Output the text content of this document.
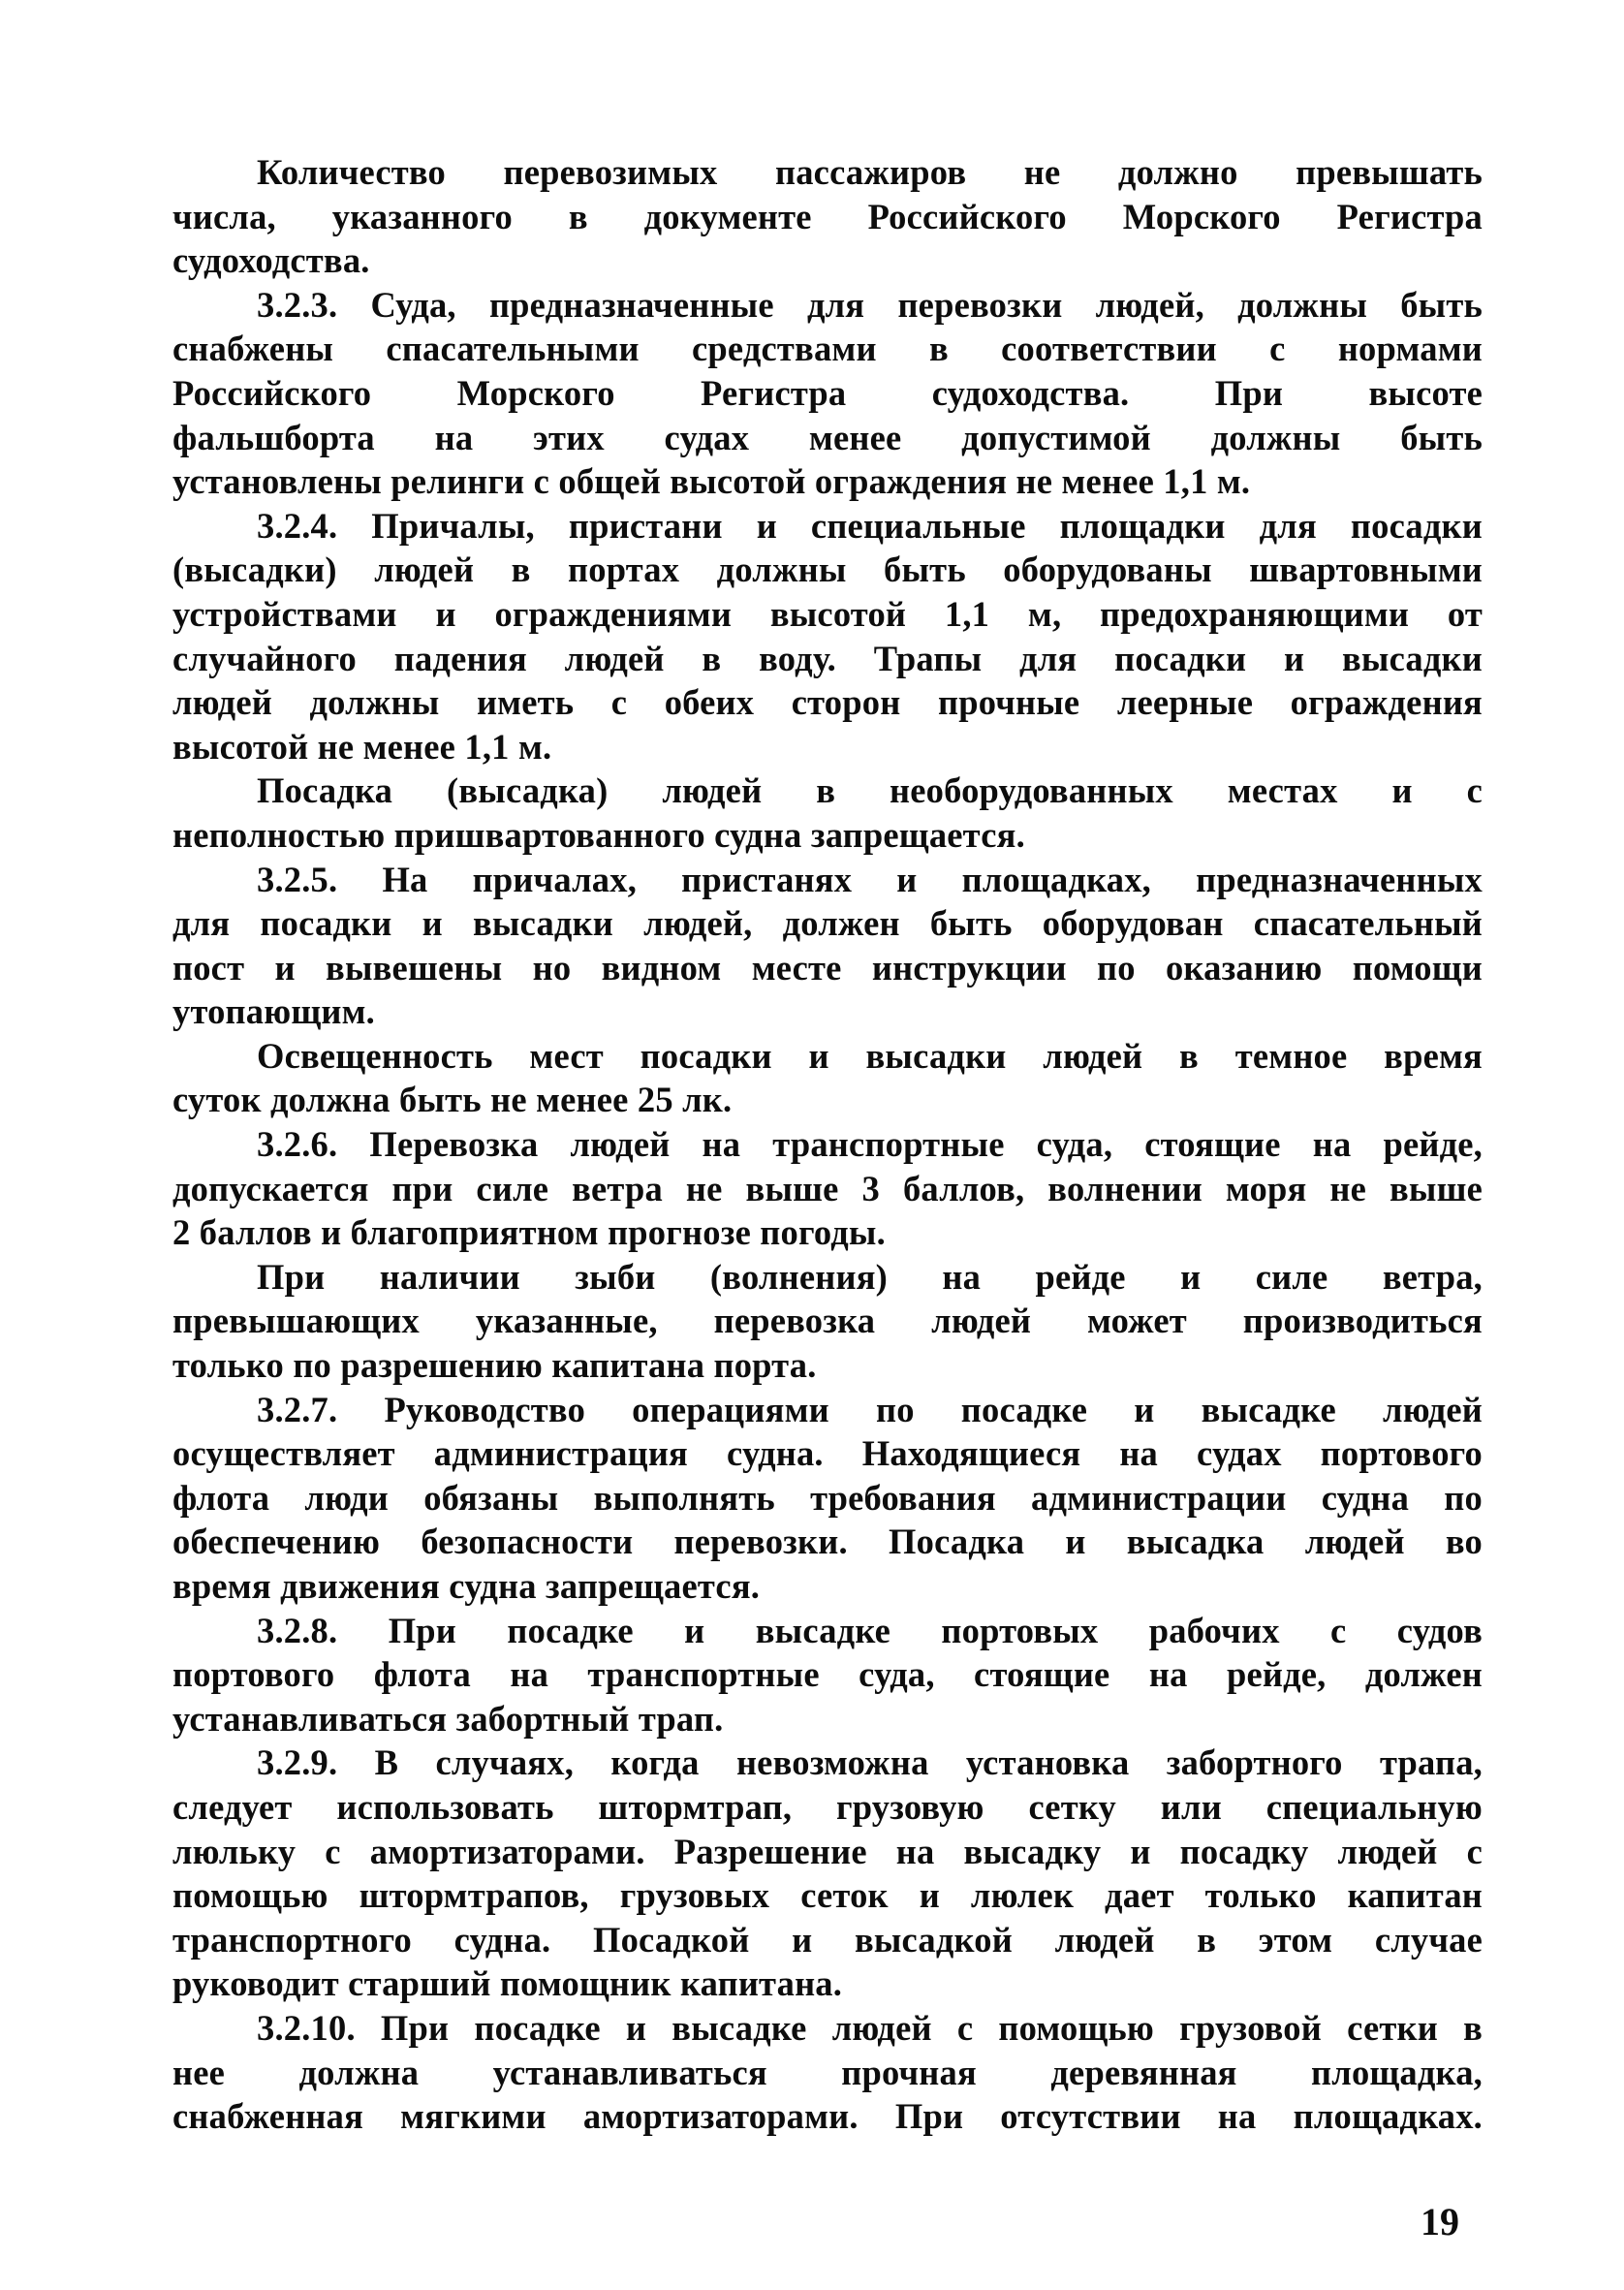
Количество перевозимых пассажиров не должно превышать
числа, указанного в документе Российского Морского Регистра
судоходства.

3.2.3. Суда, предназначенные для перевозки людей, должны быть
снабжены спасательными средствами в соответствии с нормами
Российского Морского Регистра судоходства. При высоте
фальшборта на этих судах менее допустимой должны быть
установлены релинги с общей высотой ограждения не менее 1,1 м.

3.2.4. Причалы, пристани и специальные площадки для посадки
(высадки) людей в портах должны быть оборудованы швартовными
устройствами и ограждениями высотой 1,1 м, предохраняющими от
случайного падения людей в воду. Трапы для посадки и высадки
людей должны иметь с обеих сторон прочные леерные ограждения
высотой не менее 1,1 м.

Посадка (высадка) людей в необорудованных местах и с
неполностью пришвартованного судна запрещается.

3.2.5. На причалах, пристанях и площадках, предназначенных
для посадки и высадки людей, должен быть оборудован спасательный
пост и вывешены но видном месте инструкции по оказанию помощи
утопающим.

Освещенность мест посадки и высадки людей в темное время
суток должна быть не менее 25 лк.

3.2.6. Перевозка людей на транспортные суда, стоящие на рейде,
допускается при силе ветра не выше 3 баллов, волнении моря не выше
2 баллов и благоприятном прогнозе погоды.

При наличии зыби (волнения) на рейде и силе ветра,
превышающих указанные, перевозка людей может производиться
только по разрешению капитана порта.

3.2.7. Руководство операциями по посадке и высадке людей
осуществляет администрация судна. Находящиеся на судах портового
флота люди обязаны выполнять требования администрации судна по
обеспечению безопасности перевозки. Посадка и высадка людей во
время движения судна запрещается.

3.2.8. При посадке и высадке портовых рабочих с судов
портового флота на транспортные суда, стоящие на рейде, должен
устанавливаться забортный трап.

3.2.9. В случаях, когда невозможна установка забортного трапа,
следует использовать штормтрап, грузовую сетку или специальную
люльку с амортизаторами. Разрешение на высадку и посадку людей с
помощью штормтрапов, грузовых сеток и люлек дает только капитан
транспортного судна. Посадкой и высадкой людей в этом случае
руководит старший помощник капитана.

3.2.10. При посадке и высадке людей с помощью грузовой сетки в
нее должна устанавливаться прочная деревянная площадка,
снабженная мягкими амортизаторами. При отсутствии на площадках.

19
